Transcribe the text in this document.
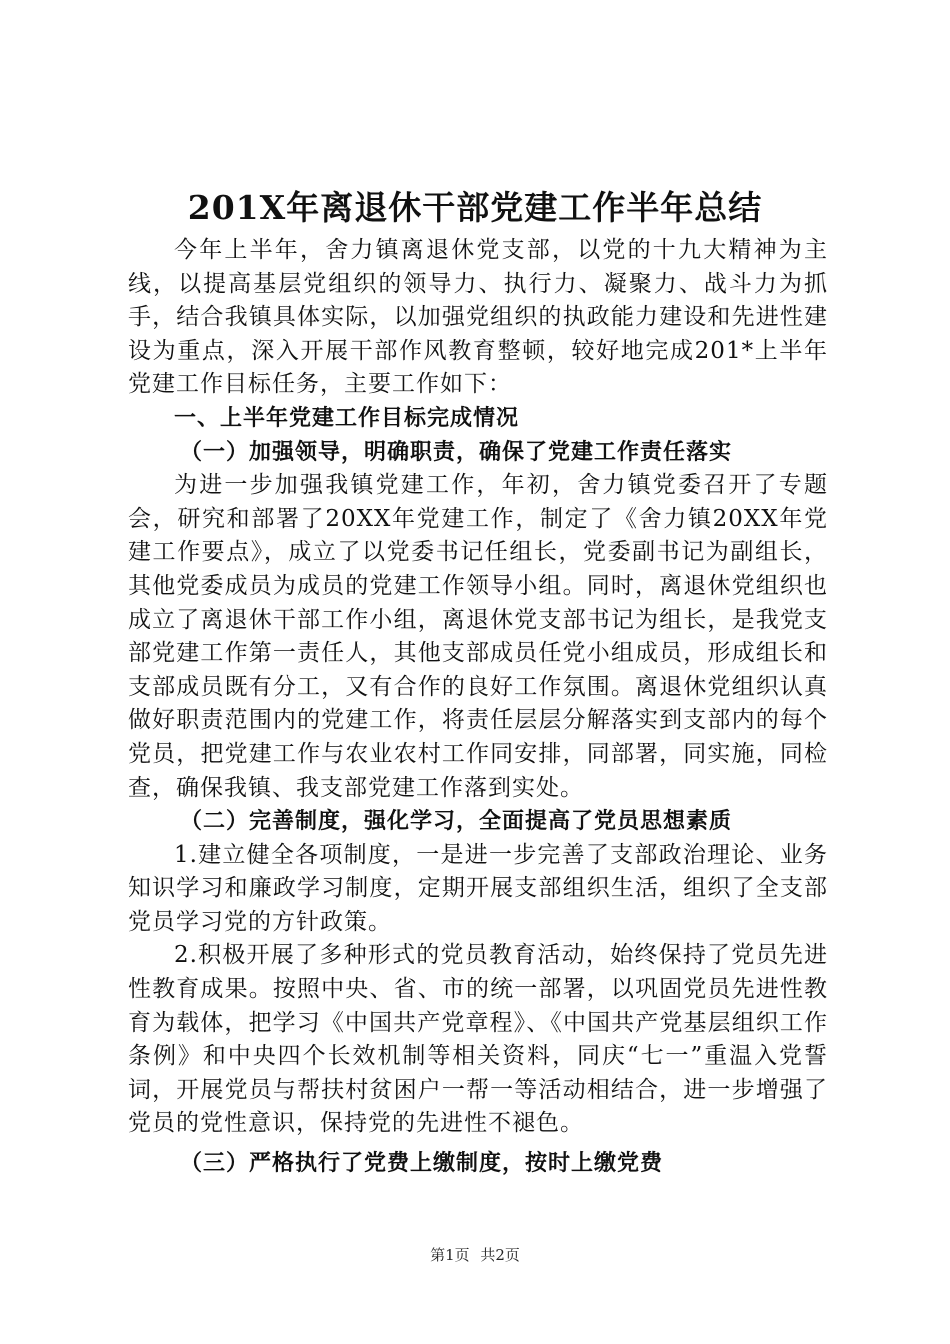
201X年离退休干部党建工作半年总结

今年上半年，舍力镇离退休党支部，以党的十九大精神为主线，以提高基层党组织的领导力、执行力、凝聚力、战斗力为抓手，结合我镇具体实际，以加强党组织的执政能力建设和先进性建设为重点，深入开展干部作风教育整顿，较好地完成201*上半年党建工作目标任务，主要工作如下：

一、上半年党建工作目标完成情况

（一）加强领导，明确职责，确保了党建工作责任落实

为进一步加强我镇党建工作，年初，舍力镇党委召开了专题会，研究和部署了20XX年党建工作，制定了《舍力镇20XX年党建工作要点》，成立了以党委书记任组长，党委副书记为副组长，其他党委成员为成员的党建工作领导小组。同时，离退休党组织也成立了离退休干部工作小组，离退休党支部书记为组长，是我党支部党建工作第一责任人，其他支部成员任党小组成员，形成组长和支部成员既有分工，又有合作的良好工作氛围。离退休党组织认真做好职责范围内的党建工作，将责任层层分解落实到支部内的每个党员，把党建工作与农业农村工作同安排，同部署，同实施，同检查，确保我镇、我支部党建工作落到实处。

（二）完善制度，强化学习，全面提高了党员思想素质

1.建立健全各项制度，一是进一步完善了支部政治理论、业务知识学习和廉政学习制度，定期开展支部组织生活，组织了全支部党员学习党的方针政策。

2.积极开展了多种形式的党员教育活动，始终保持了党员先进性教育成果。按照中央、省、市的统一部署，以巩固党员先进性教育为载体，把学习《中国共产党章程》、《中国共产党基层组织工作条例》和中央四个长效机制等相关资料，同庆“七一”重温入党誓词，开展党员与帮扶村贫困户一帮一等活动相结合，进一步增强了党员的党性意识，保持党的先进性不褪色。

（三）严格执行了党费上缴制度，按时上缴党费

第1页 共2页
